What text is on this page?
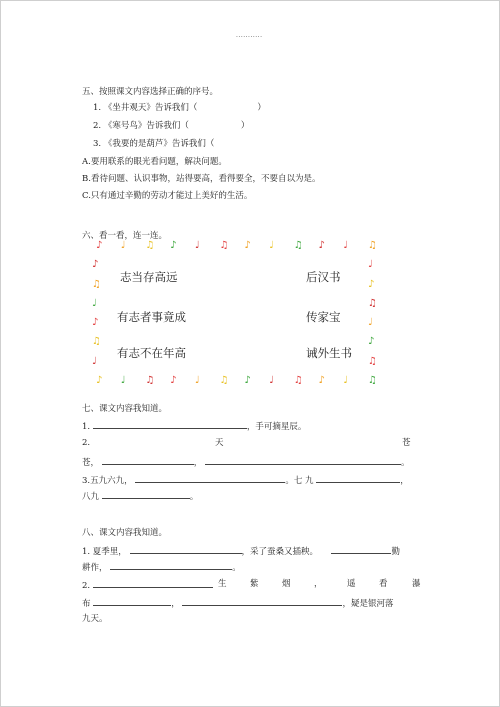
···········
五、按照课文内容选择正确的序号。
1. 《坐井观天》告诉我们（	）
2. 《寒号鸟》告诉我们（	）
3. 《我要的是葫芦》告诉我们（
A.要用联系的眼光看问题，解决问题。
B.看待问题、认识事物，站得要高，看得要全，不要自以为是。
C.只有通过辛勤的劳动才能过上美好的生活。
六、看一看，连一连。
志当存高远
有志者事竟成
有志不在年高
后汉书
传家宝
诫外生书
♪ ♩ ♫ ♪ ♩ ♫ ♪ ♩ ♫ ♪ ♩ ♫
♪ ♩ ♫ ♪ ♩ ♫ ♪ ♩ ♫ ♪ ♩ ♫
♪	♩
♫	♪
♩	♫
♪	♩
♫	♪
♩	♫
七、课文内容我知道。
1.	，手可摘星辰。
2.	天	苍
苍，	，	。
3.五九六九，	。七 九	，
八九	。
八、课文内容我知道。
1. 夏季里，	，采了蚕桑又插秧。	勤
耕作，	。
2.	生	紫	烟	，	遥	看	瀑
布	，	，疑是银河落
九天。
